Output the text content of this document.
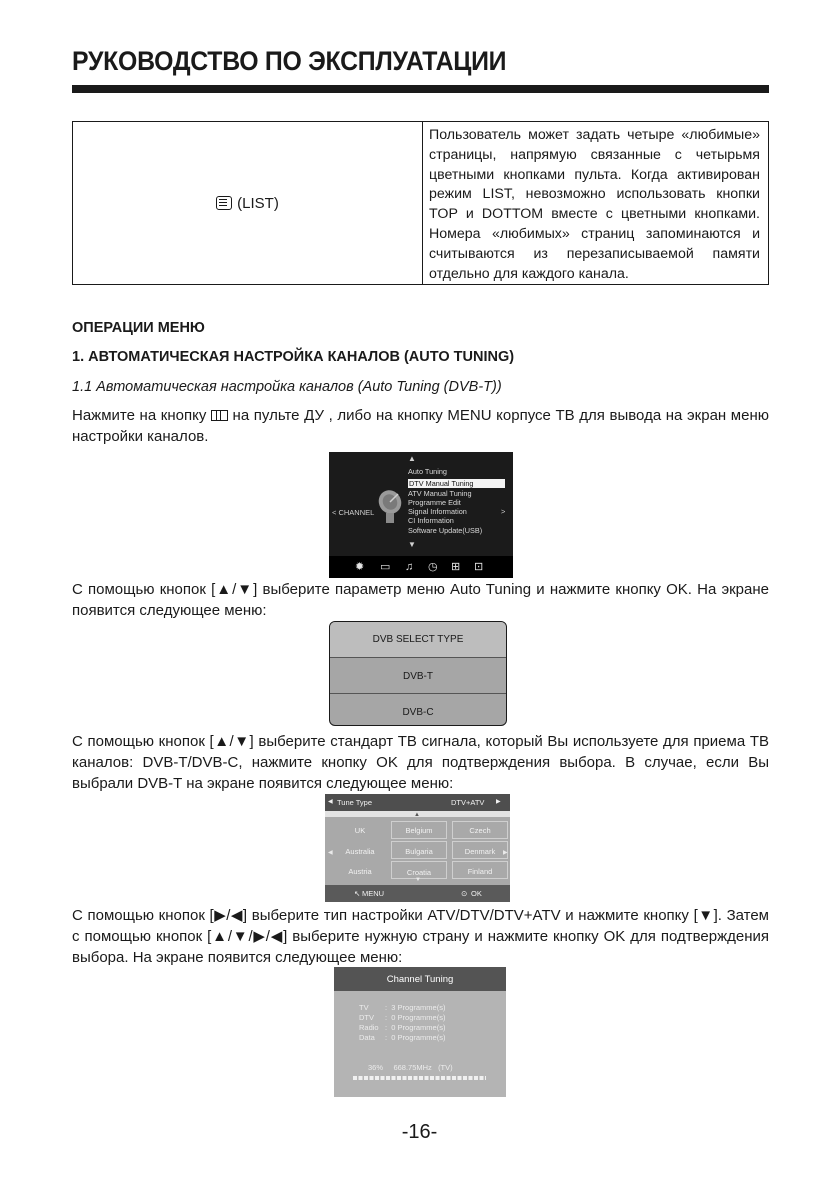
РУКОВОДСТВО ПО ЭКСПЛУАТАЦИИ
(LIST)
Пользователь может задать четыре «любимые» страницы, напрямую связанные с четырьмя цветными кнопками пульта. Когда активирован режим LIST, невозможно использовать кнопки TOP и DOTTOM вместе с цветными кнопками. Номера «любимых» страниц запоминаются и считываются из перезаписываемой памяти отдельно для каждого канала.
ОПЕРАЦИИ МЕНЮ
1. АВТОМАТИЧЕСКАЯ НАСТРОЙКА КАНАЛОВ (AUTO TUNING)
1.1 Автоматическая настройка каналов (Auto Tuning (DVB-T))
Нажмите на кнопку на пульте ДУ , либо на кнопку MENU корпусе ТВ для вывода на экран меню настройки каналов.
▲
Auto Tuning
DTV Manual Tuning
ATV Manual Tuning
Programme Edit
Signal Information
CI Information
Software Update(USB)
▼
< CHANNEL	>
✹ ▭ ♫ ◷ ⊞ ⊡
С помощью кнопок [▲/▼] выберите параметр меню Auto Tuning и нажмите кнопку OK. На экране появится следующее меню:
DVB SELECT TYPE
DVB-T
DVB-C
С помощью кнопок [▲/▼] выберите стандарт ТВ сигнала, который Вы используете для приема ТВ каналов: DVB-T/DVB-C, нажмите кнопку OK для подтверждения выбора. В случае, если Вы выбрали DVB-T на экране появится следующее меню:
◀ Tune Type	DTV+ATV ▶
▲
UK	Belgium	Czech
Australia	Bulgaria	Denmark
Austria	Croatia	Finland
◀	▶
▼
↖ MENU	⊙ OK
С помощью кнопок [▶/◀] выберите тип настройки ATV/DTV/DTV+ATV и нажмите кнопку [▼]. Затем с помощью кнопок [▲/▼/▶/◀] выберите нужную страну и нажмите кнопку OK для подтверждения выбора. На экране появится следующее меню:
Channel Tuning
TV :  3 Programme(s)
DTV :  0 Programme(s)
Radio :  0 Programme(s)
Data :  0 Programme(s)
36% 668.75MHz (TV)
-16-
